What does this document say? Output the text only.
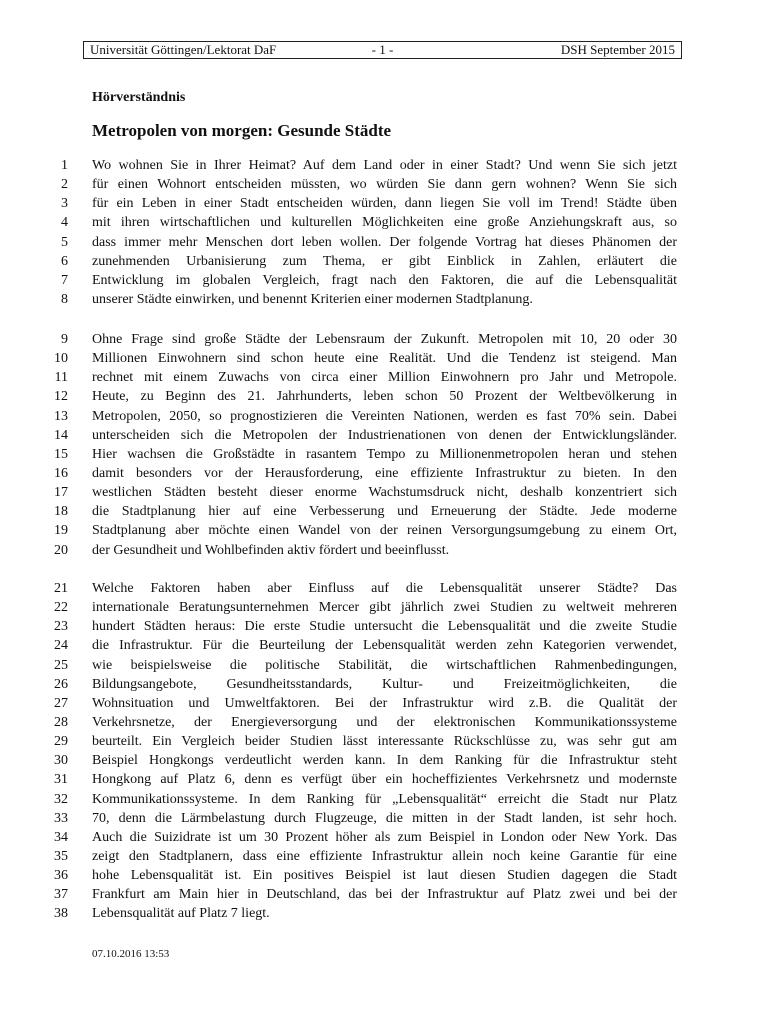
Universität Göttingen/Lektorat DaF	- 1 -	DSH September 2015
Hörverständnis
Metropolen von morgen: Gesunde Städte
1 Wo wohnen Sie in Ihrer Heimat? Auf dem Land oder in einer Stadt? Und wenn Sie sich jetzt
2 für einen Wohnort entscheiden müssten, wo würden Sie dann gern wohnen? Wenn Sie sich
3 für ein Leben in einer Stadt entscheiden würden, dann liegen Sie voll im Trend! Städte üben
4 mit ihren wirtschaftlichen und kulturellen Möglichkeiten eine große Anziehungskraft aus, so
5 dass immer mehr Menschen dort leben wollen. Der folgende Vortrag hat dieses Phänomen der
6 zunehmenden Urbanisierung zum Thema, er gibt Einblick in Zahlen, erläutert die
7 Entwicklung im globalen Vergleich, fragt nach den Faktoren, die auf die Lebensqualität
8 unserer Städte einwirken, und benennt Kriterien einer modernen Stadtplanung.
9 Ohne Frage sind große Städte der Lebensraum der Zukunft. Metropolen mit 10, 20 oder 30
10 Millionen Einwohnern sind schon heute eine Realität. Und die Tendenz ist steigend. Man
11 rechnet mit einem Zuwachs von circa einer Million Einwohnern pro Jahr und Metropole.
12 Heute, zu Beginn des 21. Jahrhunderts, leben schon 50 Prozent der Weltbevölkerung in
13 Metropolen, 2050, so prognostizieren die Vereinten Nationen, werden es fast 70% sein. Dabei
14 unterscheiden sich die Metropolen der Industrienationen von denen der Entwicklungsländer.
15 Hier wachsen die Großstädte in rasantem Tempo zu Millionenmetropolen heran und stehen
16 damit besonders vor der Herausforderung, eine effiziente Infrastruktur zu bieten. In den
17 westlichen Städten besteht dieser enorme Wachstumsdruck nicht, deshalb konzentriert sich
18 die Stadtplanung hier auf eine Verbesserung und Erneuerung der Städte. Jede moderne
19 Stadtplanung aber möchte einen Wandel von der reinen Versorgungsumgebung zu einem Ort,
20 der Gesundheit und Wohlbefinden aktiv fördert und beeinflusst.
21 Welche Faktoren haben aber Einfluss auf die Lebensqualität unserer Städte? Das
22 internationale Beratungsunternehmen Mercer gibt jährlich zwei Studien zu weltweit mehreren
23 hundert Städten heraus: Die erste Studie untersucht die Lebensqualität und die zweite Studie
24 die Infrastruktur. Für die Beurteilung der Lebensqualität werden zehn Kategorien verwendet,
25 wie beispielsweise die politische Stabilität, die wirtschaftlichen Rahmenbedingungen,
26 Bildungsangebote, Gesundheitsstandards, Kultur- und Freizeitmöglichkeiten, die
27 Wohnsituation und Umweltfaktoren. Bei der Infrastruktur wird z.B. die Qualität der
28 Verkehrsnetze, der Energieversorgung und der elektronischen Kommunikationssysteme
29 beurteilt. Ein Vergleich beider Studien lässt interessante Rückschlüsse zu, was sehr gut am
30 Beispiel Hongkongs verdeutlicht werden kann. In dem Ranking für die Infrastruktur steht
31 Hongkong auf Platz 6, denn es verfügt über ein hocheffizientes Verkehrsnetz und modernste
32 Kommunikationssysteme. In dem Ranking für „Lebensqualität“ erreicht die Stadt nur Platz
33 70, denn die Lärmbelastung durch Flugzeuge, die mitten in der Stadt landen, ist sehr hoch.
34 Auch die Suizidrate ist um 30 Prozent höher als zum Beispiel in London oder New York. Das
35 zeigt den Stadtplanern, dass eine effiziente Infrastruktur allein noch keine Garantie für eine
36 hohe Lebensqualität ist. Ein positives Beispiel ist laut diesen Studien dagegen die Stadt
37 Frankfurt am Main hier in Deutschland, das bei der Infrastruktur auf Platz zwei und bei der
38 Lebensqualität auf Platz 7 liegt.
07.10.2016 13:53
